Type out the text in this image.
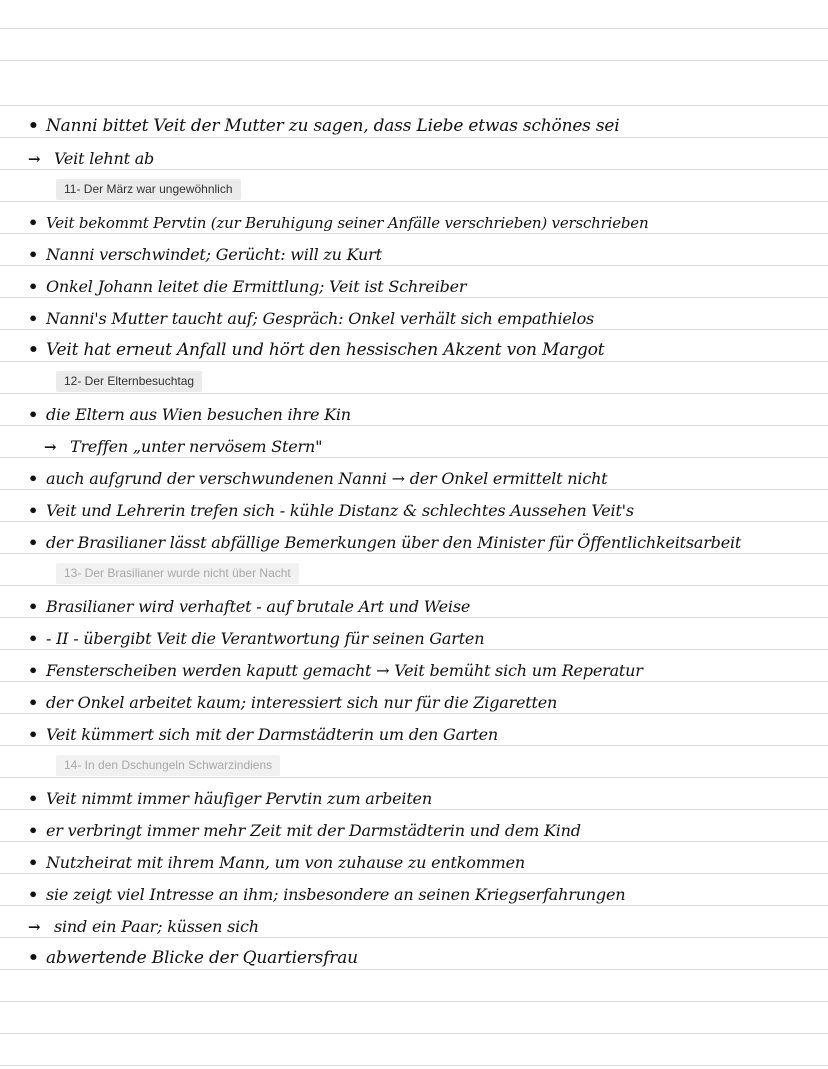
• Nanni bittet Veit der Mutter zu sagen, dass Liebe etwas schönes sei
→ Veit lehnt ab
11- Der März war ungewöhnlich
• Veit bekommt Pervtin (zur Beruhigung seiner Anfälle verschrieben) verschrieben
• Nanni verschwindet; Gerücht: will zu Kurt
• Onkel Johann leitet die Ermittlung; Veit ist Schreiber
• Nanni's Mutter taucht auf; Gespräch: Onkel verhält sich empathielos
• Veit hat erneut Anfall und hört den hessischen Akzent von Margot
12- Der Elternbesuchtag
• die Eltern aus Wien besuchen ihre Kin
→ Treffen „unter nervösem Stern"
• auch aufgrund der verschwundenen Nanni → der Onkel ermittelt nicht
• Veit und Lehrerin trefen sich - kühle Distanz & schlechtes Aussehen Veit's
• der Brasilianer lässt abfällige Bemerkungen über den Minister für Öffentlichkeitsarbeit
13- Der Brasilianer wurde nicht über Nacht
• Brasilianer wird verhaftet - auf brutale Art und Weise
• - II - übergibt Veit die Verantwortung für seinen Garten
• Fensterscheiben werden kaputt gemacht → Veit bemüht sich um Reperatur
• der Onkel arbeitet kaum; interessiert sich nur für die Zigaretten
• Veit kümmert sich mit der Darmstädterin um den Garten
14- In den Dschungeln Schwarzindiens
• Veit nimmt immer häufiger Pervtin zum arbeiten
• er verbringt immer mehr Zeit mit der Darmstädterin und dem Kind
• Nutzheirat mit ihrem Mann, um von zuhause zu entkommen
• sie zeigt viel Intresse an ihm; insbesondere an seinen Kriegserfahrungen
→ sind ein Paar; küssen sich
• abwertende Blicke der Quartiersfrau
